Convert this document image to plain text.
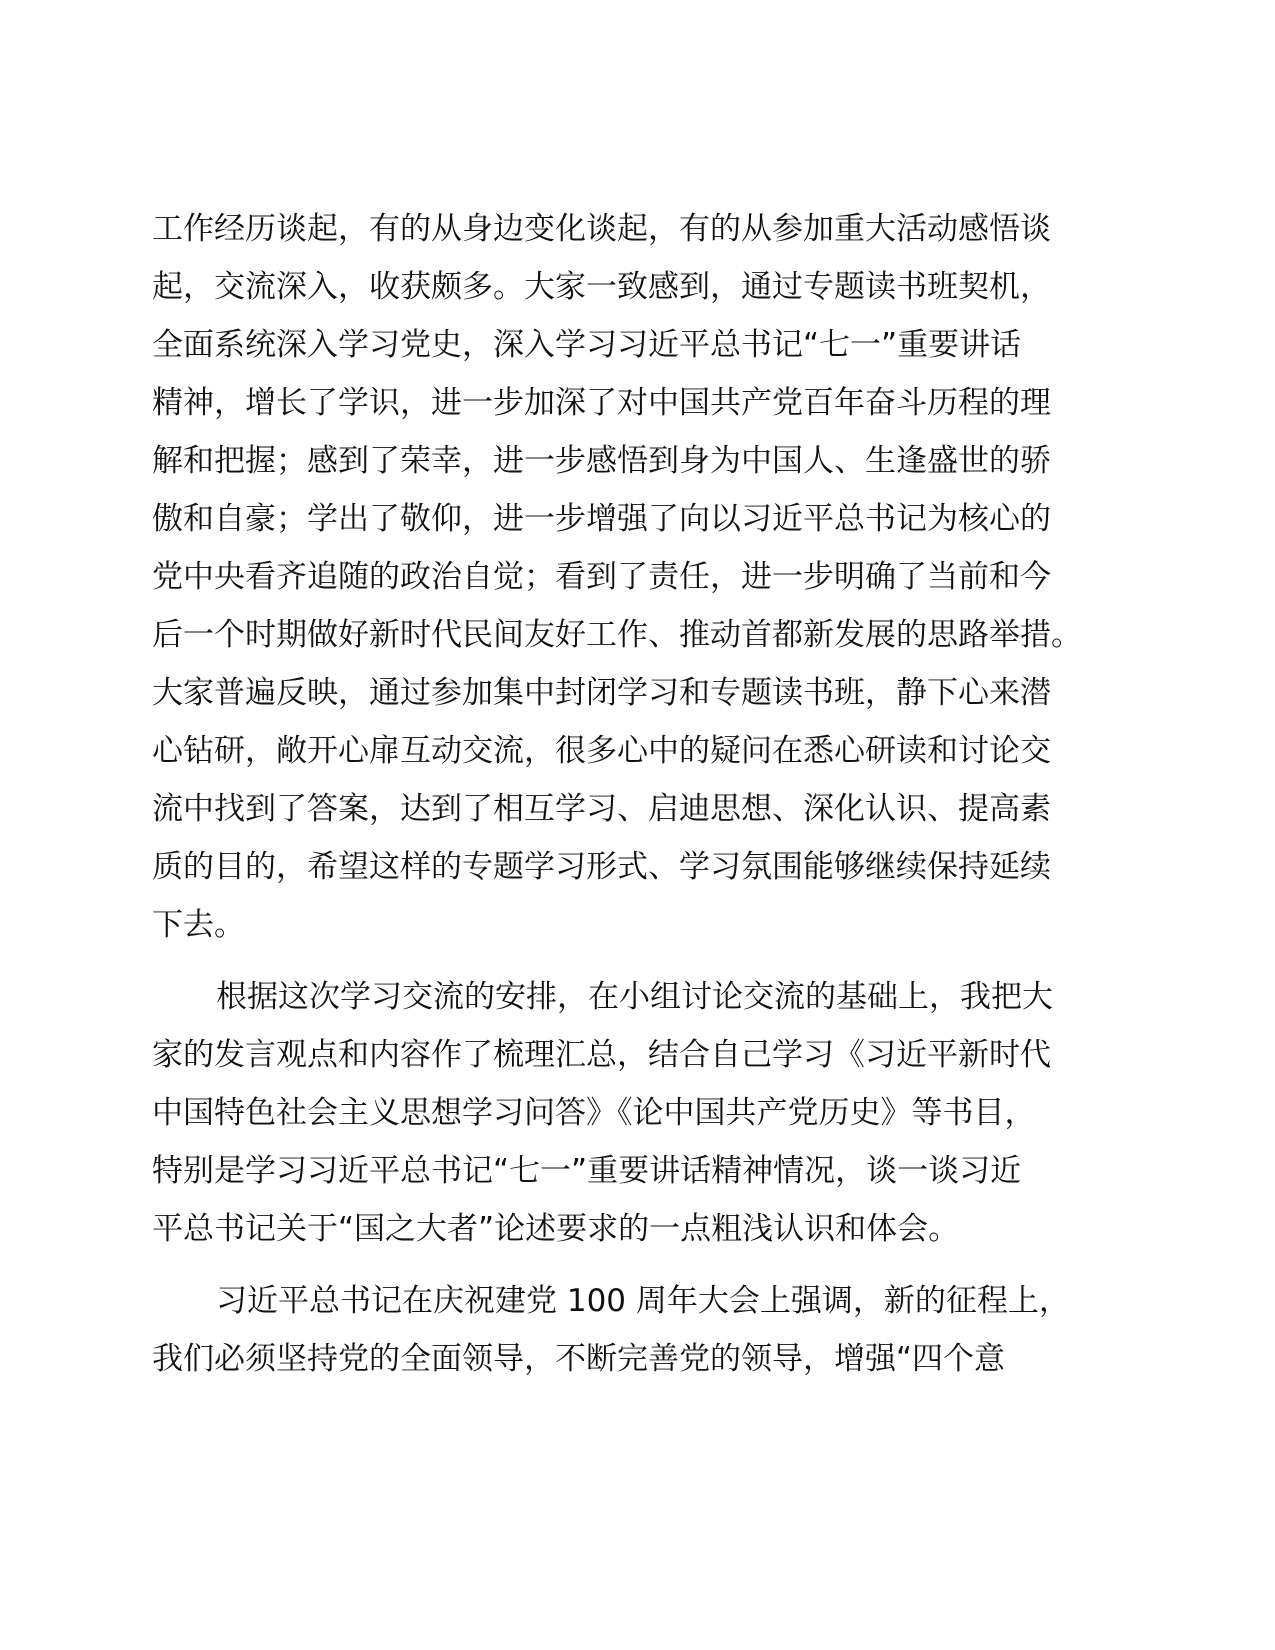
工作经历谈起，有的从身边变化谈起，有的从参加重大活动感悟谈
起，交流深入，收获颇多。大家一致感到，通过专题读书班契机，
全面系统深入学习党史，深入学习习近平总书记“七一”重要讲话
精神，增长了学识，进一步加深了对中国共产党百年奋斗历程的理
解和把握；感到了荣幸，进一步感悟到身为中国人、生逢盛世的骄
傲和自豪；学出了敬仰，进一步增强了向以习近平总书记为核心的
党中央看齐追随的政治自觉；看到了责任，进一步明确了当前和今
后一个时期做好新时代民间友好工作、推动首都新发展的思路举措。
大家普遍反映，通过参加集中封闭学习和专题读书班，静下心来潜
心钻研，敞开心扉互动交流，很多心中的疑问在悉心研读和讨论交
流中找到了答案，达到了相互学习、启迪思想、深化认识、提高素
质的目的，希望这样的专题学习形式、学习氛围能够继续保持延续
下去。
根据这次学习交流的安排，在小组讨论交流的基础上，我把大
家的发言观点和内容作了梳理汇总，结合自己学习《习近平新时代
中国特色社会主义思想学习问答》《论中国共产党历史》等书目，
特别是学习习近平总书记“七一”重要讲话精神情况，谈一谈习近
平总书记关于“国之大者”论述要求的一点粗浅认识和体会。
习近平总书记在庆祝建党 100 周年大会上强调，新的征程上，
我们必须坚持党的全面领导，不断完善党的领导，增强“四个意
